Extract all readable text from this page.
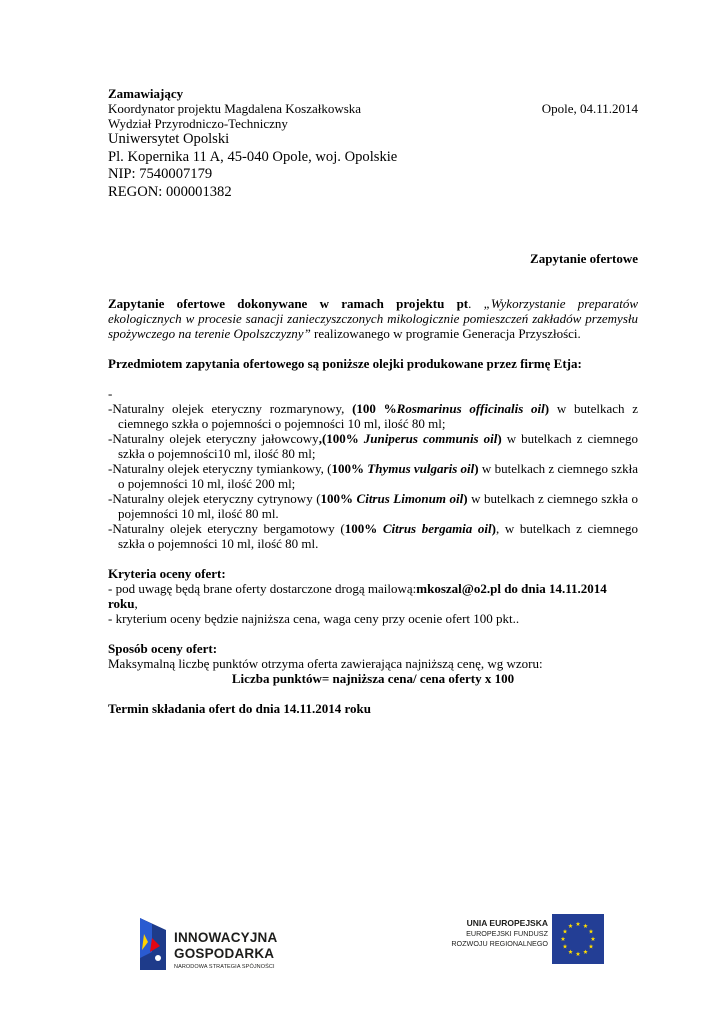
Zamawiający

Koordynator projektu Magdalena Koszałkowska	Opole, 04.11.2014

Wydział Przyrodniczo-Techniczny

Uniwersytet Opolski

Pl. Kopernika 11 A, 45-040 Opole, woj. Opolskie

NIP: 7540007179

REGON: 000001382

Zapytanie ofertowe

Zapytanie ofertowe dokonywane w ramach projektu pt. „Wykorzystanie preparatów ekologicznych w procesie sanacji zanieczyszczonych mikologicznie pomieszczeń zakładów przemysłu spożywczego na terenie Opolszczyzny” realizowanego w programie Generacja Przyszłości.

Przedmiotem zapytania ofertowego są poniższe olejki produkowane przez firmę Etja:

-

-Naturalny olejek eteryczny rozmarynowy, (100 %Rosmarinus officinalis oil) w butelkach z ciemnego szkła o pojemności o pojemności 10 ml, ilość 80 ml;

-Naturalny olejek eteryczny jałowcowy,(100% Juniperus communis oil) w butelkach z ciemnego szkła o pojemności10 ml, ilość 80 ml;

-Naturalny olejek eteryczny tymiankowy, (100% Thymus vulgaris oil) w butelkach z ciemnego szkła o pojemności 10 ml, ilość 200 ml;

-Naturalny olejek eteryczny cytrynowy (100% Citrus Limonum oil) w butelkach z ciemnego szkła o pojemności 10 ml, ilość 80 ml.

-Naturalny olejek eteryczny bergamotowy (100% Citrus bergamia oil), w butelkach z ciemnego szkła o pojemności 10 ml, ilość 80 ml.

Kryteria oceny ofert:

- pod uwagę będą brane oferty dostarczone drogą mailową:mkoszal@o2.pl do dnia 14.11.2014 roku,

- kryterium oceny będzie najniższa cena, waga ceny przy ocenie ofert 100 pkt..

Sposób oceny ofert:

Maksymalną liczbę punktów otrzyma oferta zawierająca najniższą cenę, wg wzoru:

Liczba punktów= najniższa cena/ cena oferty x 100

Termin składania ofert do dnia 14.11.2014 roku

INNOWACYJNA
GOSPODARKA
NARODOWA STRATEGIA SPÓJNOŚCI
UNIA EUROPEJSKA
EUROPEJSKI FUNDUSZ
ROZWOJU REGIONALNEGO
